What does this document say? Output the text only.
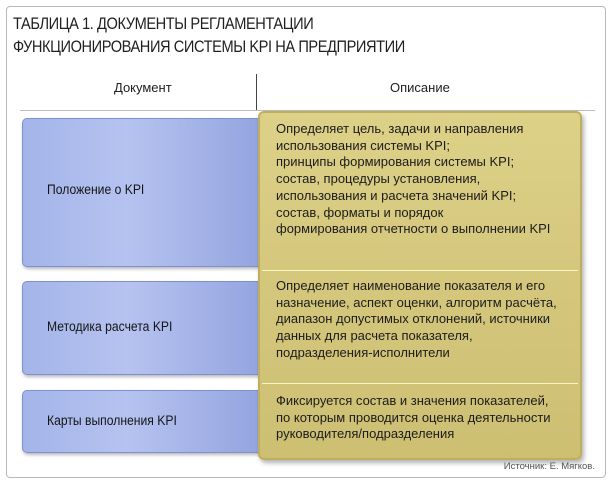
ТАБЛИЦА 1. ДОКУМЕНТЫ РЕГЛАМЕНТАЦИИ
ФУНКЦИОНИРОВАНИЯ СИСТЕМЫ KPI НА ПРЕДПРИЯТИИ
Документ	Описание
Положение о KPI
Методика расчета KPI
Карты выполнения KPI
Определяет цель, задачи и направления
использования системы KPI;
принципы формирования системы KPI;
состав, процедуры установления,
использования и расчета значений KPI;
состав, форматы и порядок
формирования отчетности о выполнении KPI
Определяет наименование показателя и его
назначение, аспект оценки, алгоритм расчёта,
диапазон допустимых отклонений, источники
данных для расчета показателя,
подразделения-исполнители
Фиксируется состав и значения показателей,
по которым проводится оценка деятельности
руководителя/подразделения
Источник: Е. Мягков.
